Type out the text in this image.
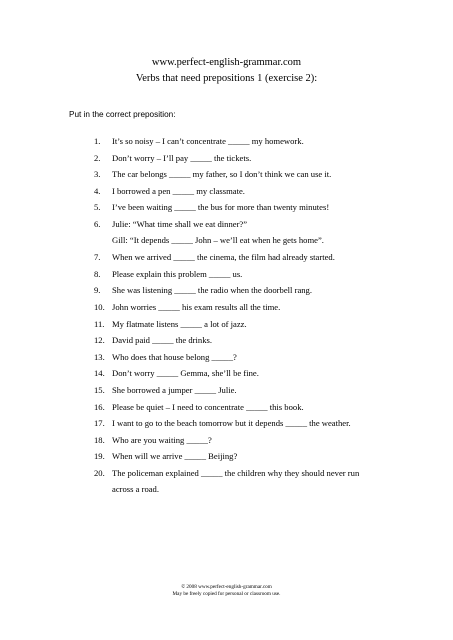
www.perfect-english-grammar.com
Verbs that need prepositions 1 (exercise 2):
Put in the correct preposition:
1.	It’s so noisy – I can’t concentrate _____ my homework.
2.	Don’t worry – I’ll pay _____ the tickets.
3.	The car belongs _____ my father, so I don’t think we can use it.
4.	I borrowed a pen _____ my classmate.
5.	I’ve been waiting _____ the bus for more than twenty minutes!
6.	Julie: “What time shall we eat dinner?”
Gill: “It depends _____ John – we’ll eat when he gets home”.
7.	When we arrived _____ the cinema, the film had already started.
8.	Please explain this problem _____ us.
9.	She was listening _____ the radio when the doorbell rang.
10. John worries _____ his exam results all the time.
11. My flatmate listens _____ a lot of jazz.
12. David paid _____ the drinks.
13. Who does that house belong _____?
14. Don’t worry _____ Gemma, she’ll be fine.
15. She borrowed a jumper _____ Julie.
16. Please be quiet – I need to concentrate _____ this book.
17. I want to go to the beach tomorrow but it depends _____ the weather.
18. Who are you waiting _____?
19. When will we arrive _____ Beijing?
20. The policeman explained _____ the children why they should never run
across a road.
© 2008 www.perfect-english-grammar.com
May be freely copied for personal or classroom use.
